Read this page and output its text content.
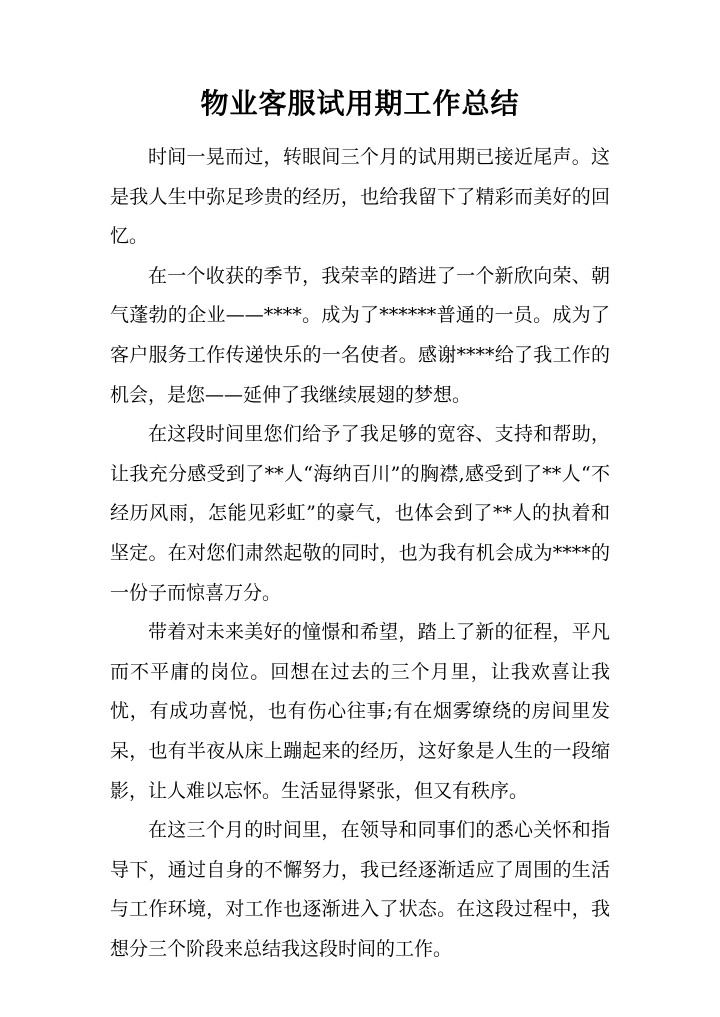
物业客服试用期工作总结

时间一晃而过，转眼间三个月的试用期已接近尾声。这是我人生中弥足珍贵的经历，也给我留下了精彩而美好的回忆。

在一个收获的季节，我荣幸的踏进了一个新欣向荣、朝气蓬勃的企业——****。成为了******普通的一员。成为了客户服务工作传递快乐的一名使者。感谢****给了我工作的机会，是您——延伸了我继续展翅的梦想。

在这段时间里您们给予了我足够的宽容、支持和帮助，让我充分感受到了**人“海纳百川”的胸襟,感受到了**人“不经历风雨，怎能见彩虹”的豪气，也体会到了**人的执着和坚定。在对您们肃然起敬的同时，也为我有机会成为****的一份子而惊喜万分。

带着对未来美好的憧憬和希望，踏上了新的征程，平凡而不平庸的岗位。回想在过去的三个月里，让我欢喜让我忧，有成功喜悦，也有伤心往事;有在烟雾缭绕的房间里发呆，也有半夜从床上蹦起来的经历，这好象是人生的一段缩影，让人难以忘怀。生活显得紧张，但又有秩序。

在这三个月的时间里，在领导和同事们的悉心关怀和指导下，通过自身的不懈努力，我已经逐渐适应了周围的生活与工作环境，对工作也逐渐进入了状态。在这段过程中，我想分三个阶段来总结我这段时间的工作。
